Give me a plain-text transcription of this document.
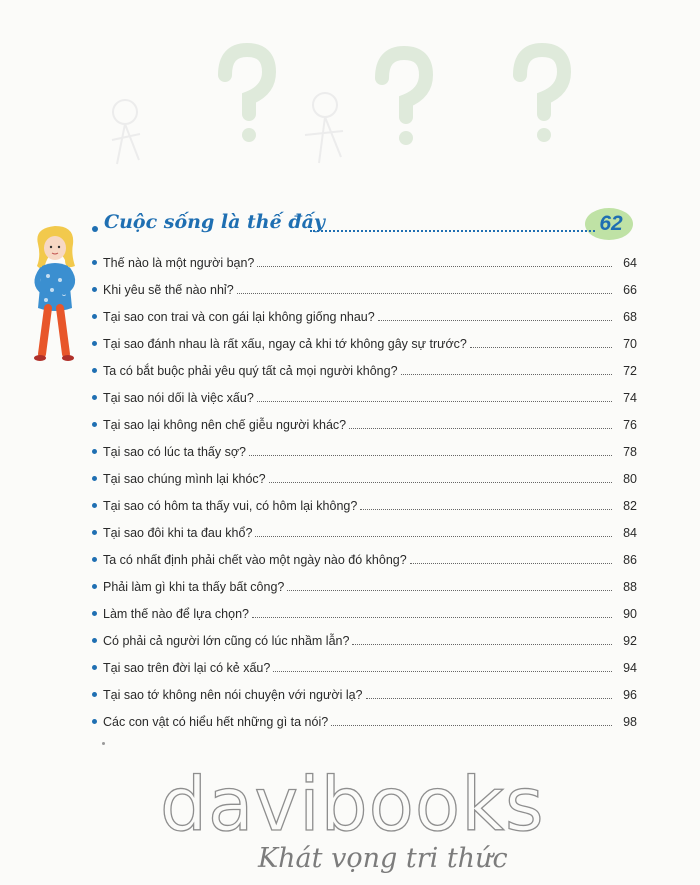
Cuộc sống là thế đấy	62
Thế nào là một người bạn?	64
Khi yêu sẽ thế nào nhỉ?	66
Tại sao con trai và con gái lại không giống nhau?	68
Tại sao đánh nhau là rất xấu, ngay cả khi tớ không gây sự trước?	70
Ta có bắt buộc phải yêu quý tất cả mọi người không?	72
Tại sao nói dối là việc xấu?	74
Tại sao lại không nên chế giễu người khác?	76
Tại sao có lúc ta thấy sợ?	78
Tại sao chúng mình lại khóc?	80
Tại sao có hôm ta thấy vui, có hôm lại không?	82
Tại sao đôi khi ta đau khổ?	84
Ta có nhất định phải chết vào một ngày nào đó không?	86
Phải làm gì khi ta thấy bất công?	88
Làm thế nào để lựa chọn?	90
Có phải cả người lớn cũng có lúc nhầm lẫn?	92
Tại sao trên đời lại có kẻ xấu?	94
Tại sao tớ không nên nói chuyện với người lạ?	96
Các con vật có hiểu hết những gì ta nói?	98
davibooks
Khát vọng tri thức
